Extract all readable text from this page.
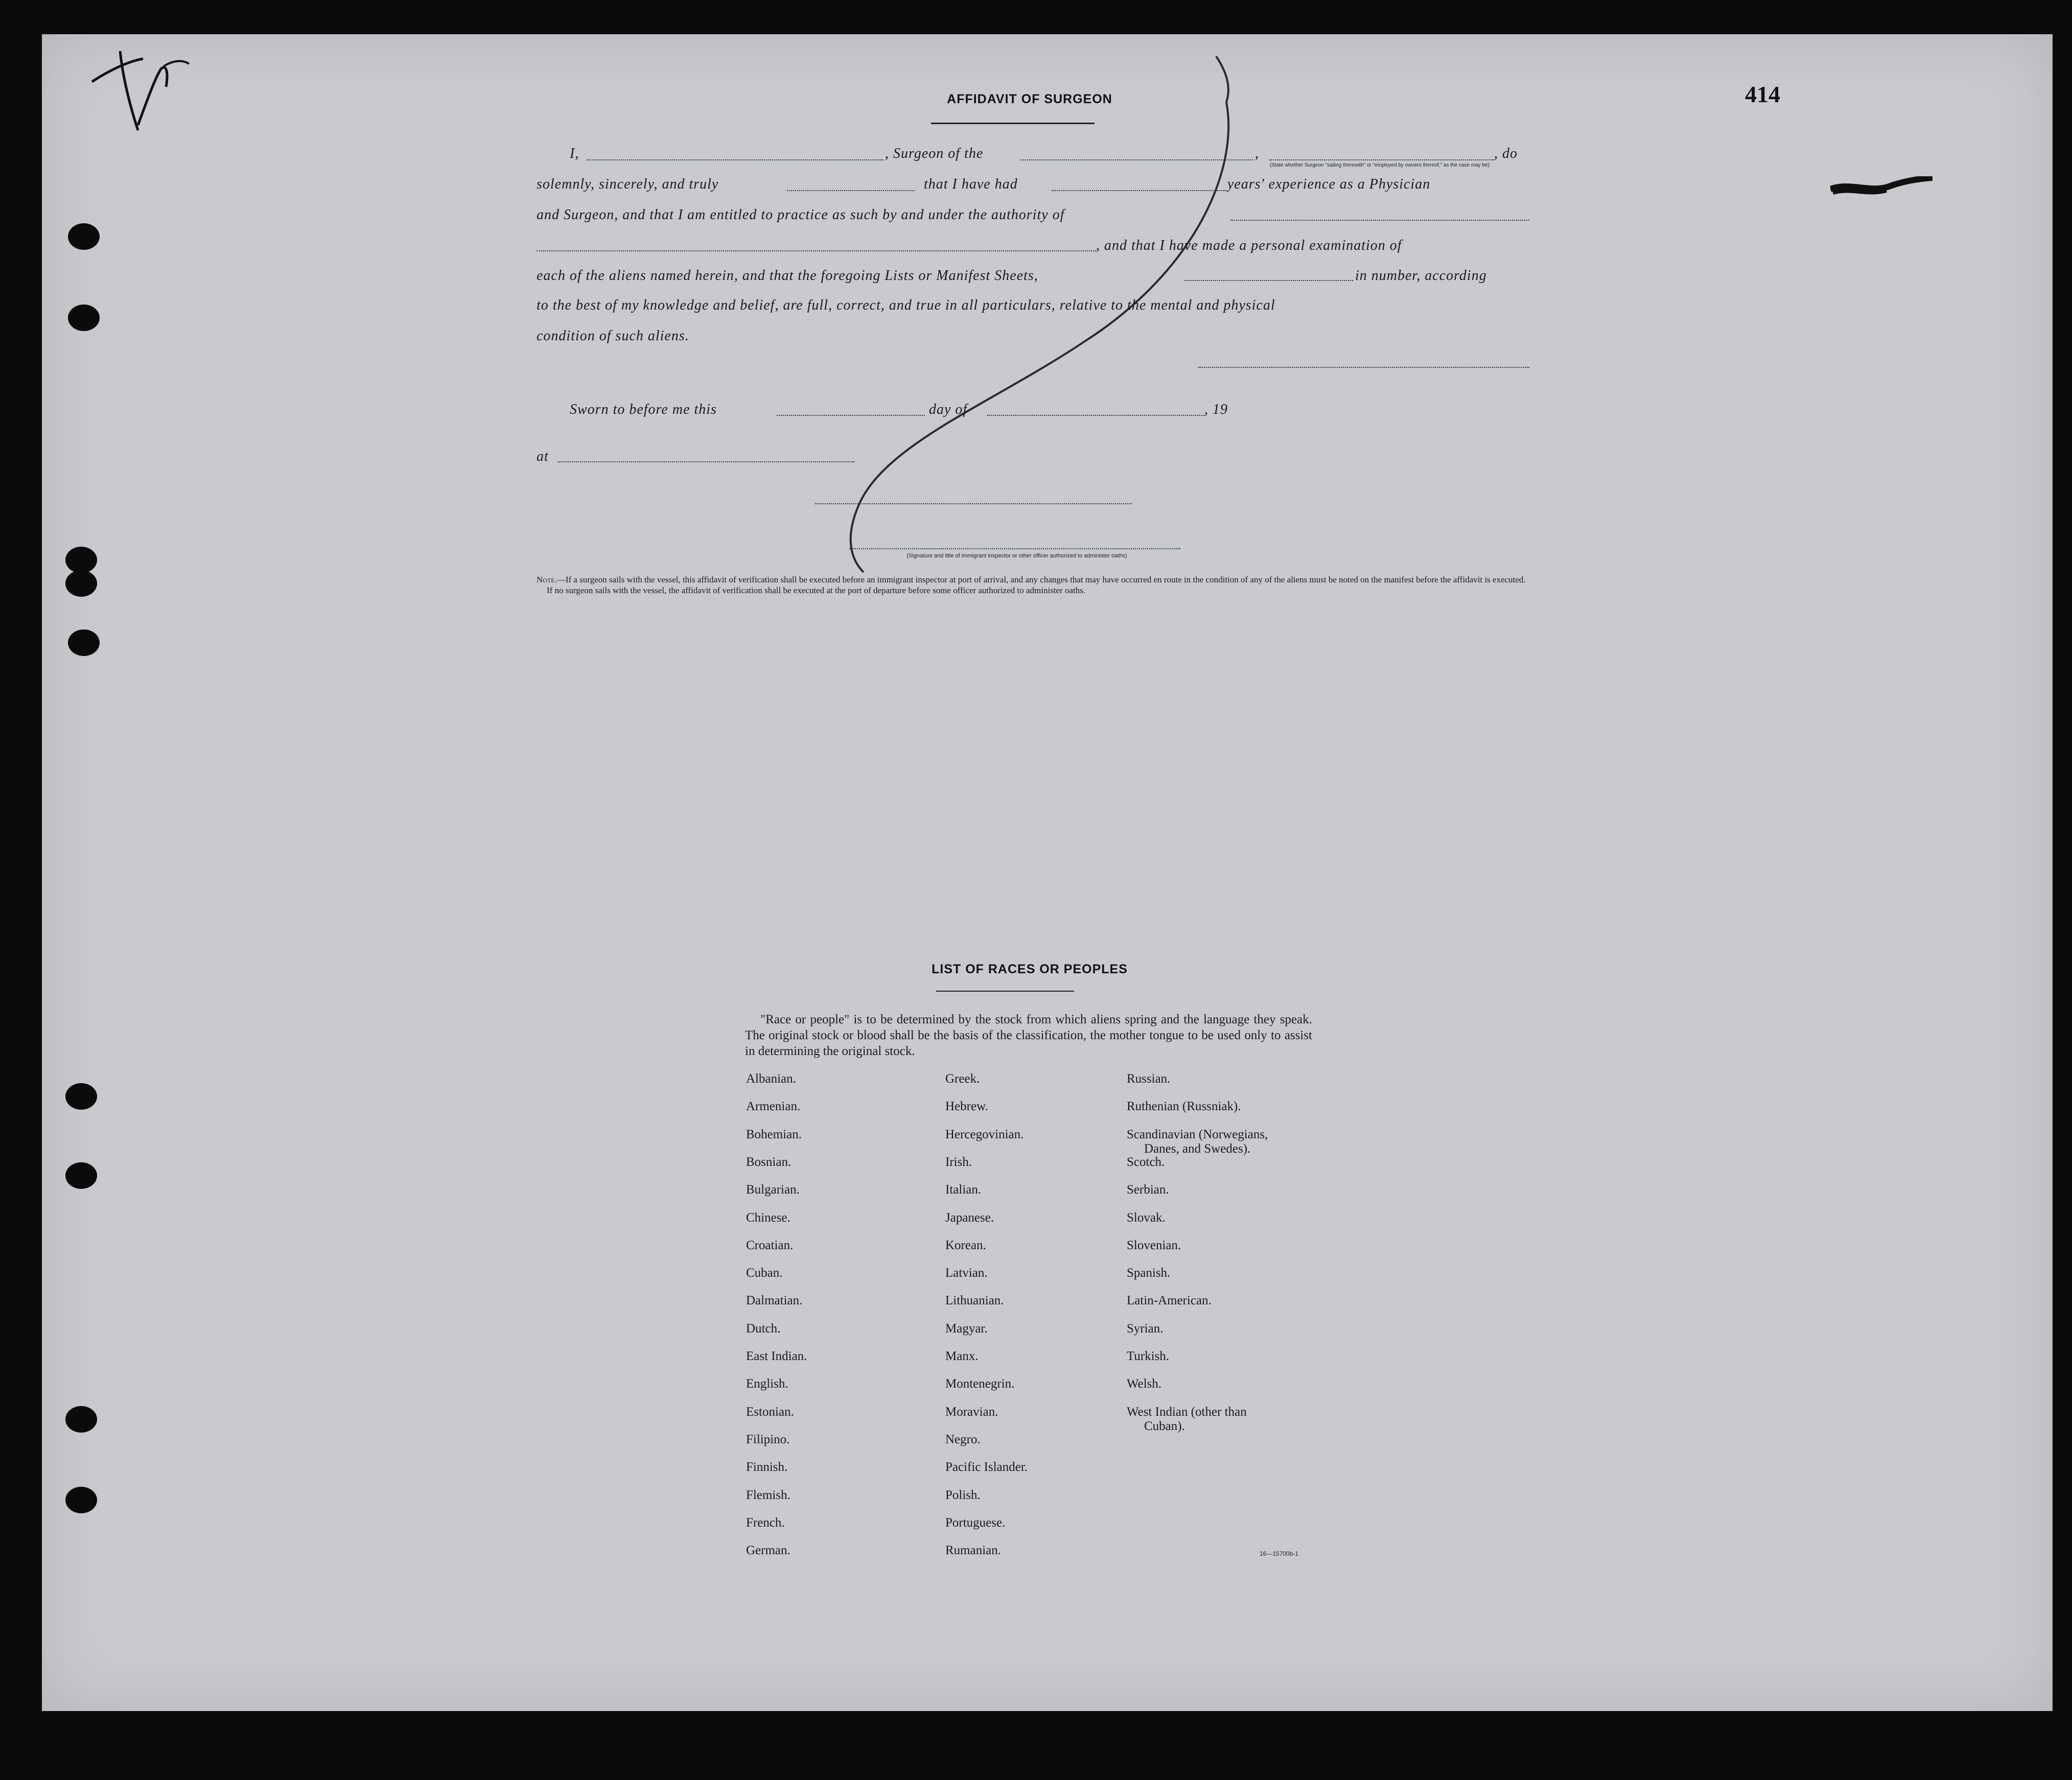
414
AFFIDAVIT OF SURGEON
I,	, Surgeon of the	,	, do
(State whether Surgeon "sailing therewith" or "employed by owners thereof," as the case may be)
solemnly, sincerely, and truly	that I have had	years' experience as a Physician
and Surgeon, and that I am entitled to practice as such by and under the authority of
, and that I have made a personal examination of
each of the aliens named herein, and that the foregoing Lists or Manifest Sheets,	in number, according
to the best of my knowledge and belief, are full, correct, and true in all particulars, relative to the mental and physical
condition of such aliens.
Sworn to before me this	day of	, 19
at
(Signature and title of immigrant inspector or other officer authorized to administer oaths)

Note.—If a surgeon sails with the vessel, this affidavit of verification shall be executed before an immigrant inspector at port of arrival, and any changes that may have occurred en route in the condition of any of the aliens must be noted on the manifest before the affidavit is executed.

If no surgeon sails with the vessel, the affidavit of verification shall be executed at the port of departure before some officer authorized to administer oaths.

LIST OF RACES OR PEOPLES
"Race or people" is to be determined by the stock from which aliens spring and the language they speak. The original stock or blood shall be the basis of the classification, the mother tongue to be used only to assist in determining the original stock.
Albanian.
Armenian.
Bohemian.
Bosnian.
Bulgarian.
Chinese.
Croatian.
Cuban.
Dalmatian.
Dutch.
East Indian.
English.
Estonian.
Filipino.
Finnish.
Flemish.
French.
German.
Greek.
Hebrew.
Hercegovinian.
Irish.
Italian.
Japanese.
Korean.
Latvian.
Lithuanian.
Magyar.
Manx.
Montenegrin.
Moravian.
Negro.
Pacific Islander.
Polish.
Portuguese.
Rumanian.
Russian.
Ruthenian (Russniak).
Scandinavian (Norwegians,
Danes, and Swedes).
Scotch.
Serbian.
Slovak.
Slovenian.
Spanish.
Latin-American.
Syrian.
Turkish.
Welsh.
West Indian (other than
Cuban).
16—15700b-1
